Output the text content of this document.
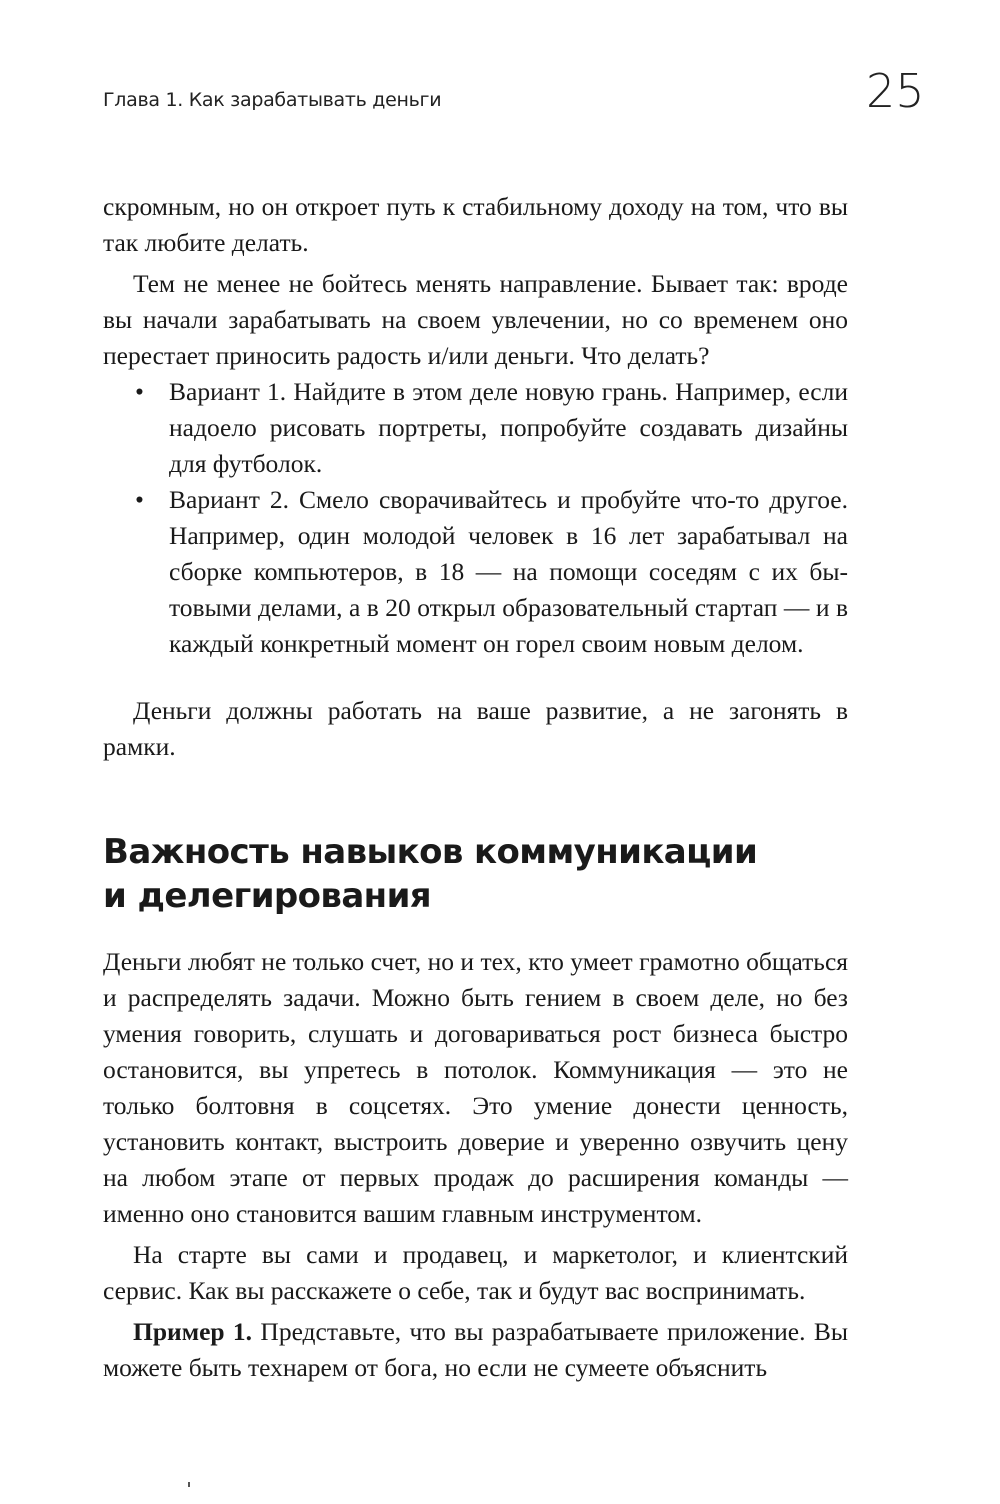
Глава 1. Как зарабатывать деньги	25

скромным, но он откроет путь к стабильному доходу на том, что вы так любите делать.

Тем не менее не бойтесь менять направление. Бывает так: вроде вы начали зарабатывать на своем увлечении, но со временем оно перестает приносить радость и/или деньги. Что делать?

• Вариант 1. Найдите в этом деле новую грань. Например, если надоело рисовать портреты, попробуйте создавать дизайны для футболок.
• Вариант 2. Смело сворачивайтесь и пробуйте что-то другое. Например, один молодой человек в 16 лет зарабатывал на сборке компьютеров, в 18 — на помощи соседям с их бытовыми делами, а в 20 открыл образовательный стартап — и в каждый конкретный момент он горел своим новым делом.

Деньги должны работать на ваше развитие, а не загонять в рамки.

Важность навыков коммуникации
и делегирования

Деньги любят не только счет, но и тех, кто умеет грамотно общаться и распределять задачи. Можно быть гением в своем деле, но без умения говорить, слушать и договариваться рост бизнеса быстро остановится, вы упретесь в потолок. Коммуникация — это не только болтовня в соцсетях. Это умение донести ценность, установить контакт, выстроить доверие и уверенно озвучить цену на любом этапе от первых продаж до расширения команды — именно оно становится вашим главным инструментом.

На старте вы сами и продавец, и маркетолог, и клиентский сервис. Как вы расскажете о себе, так и будут вас воспринимать.

Пример 1. Представьте, что вы разрабатываете приложение. Вы можете быть технарем от бога, но если не сумеете объяснить
